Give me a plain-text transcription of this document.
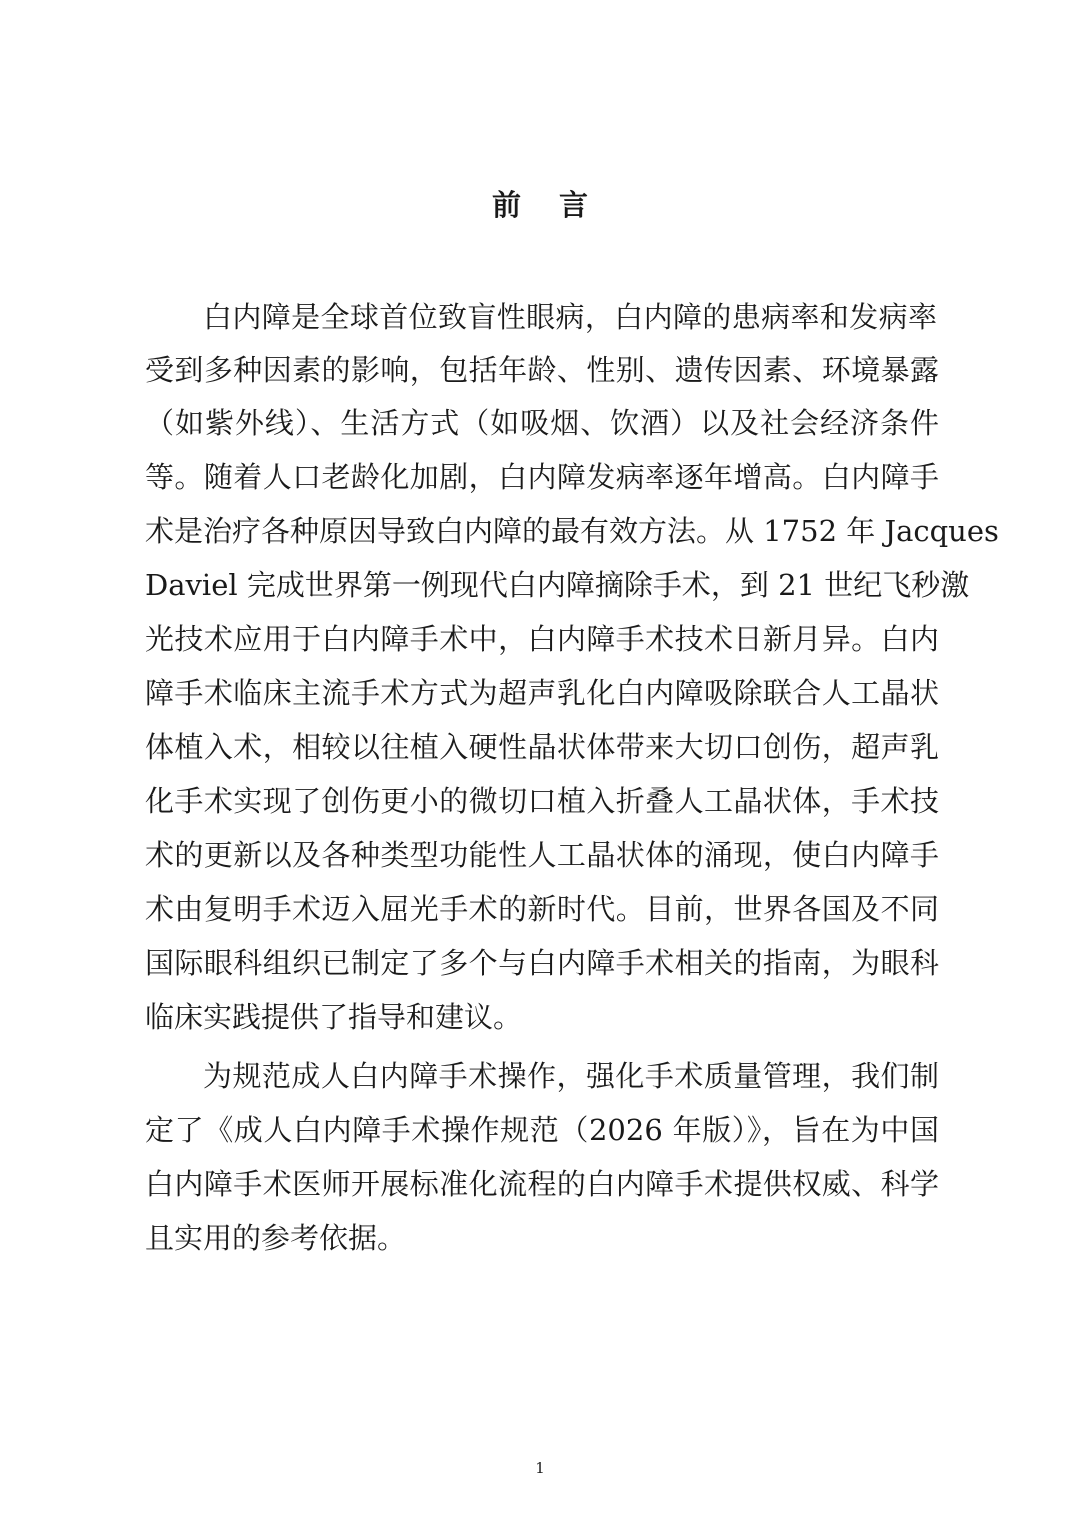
前 言
白内障是全球首位致盲性眼病，白内障的患病率和发病率
受到多种因素的影响，包括年龄、性别、遗传因素、环境暴露
（如紫外线）、生活方式（如吸烟、饮酒）以及社会经济条件
等。随着人口老龄化加剧，白内障发病率逐年增高。白内障手
术是治疗各种原因导致白内障的最有效方法。从 1752 年 Jacques
Daviel 完成世界第一例现代白内障摘除手术，到 21 世纪飞秒激
光技术应用于白内障手术中，白内障手术技术日新月异。白内
障手术临床主流手术方式为超声乳化白内障吸除联合人工晶状
体植入术，相较以往植入硬性晶状体带来大切口创伤，超声乳
化手术实现了创伤更小的微切口植入折叠人工晶状体，手术技
术的更新以及各种类型功能性人工晶状体的涌现，使白内障手
术由复明手术迈入屈光手术的新时代。目前，世界各国及不同
国际眼科组织已制定了多个与白内障手术相关的指南，为眼科
临床实践提供了指导和建议。
为规范成人白内障手术操作，强化手术质量管理，我们制
定了《成人白内障手术操作规范（2026 年版）》，旨在为中国
白内障手术医师开展标准化流程的白内障手术提供权威、科学
且实用的参考依据。
1
